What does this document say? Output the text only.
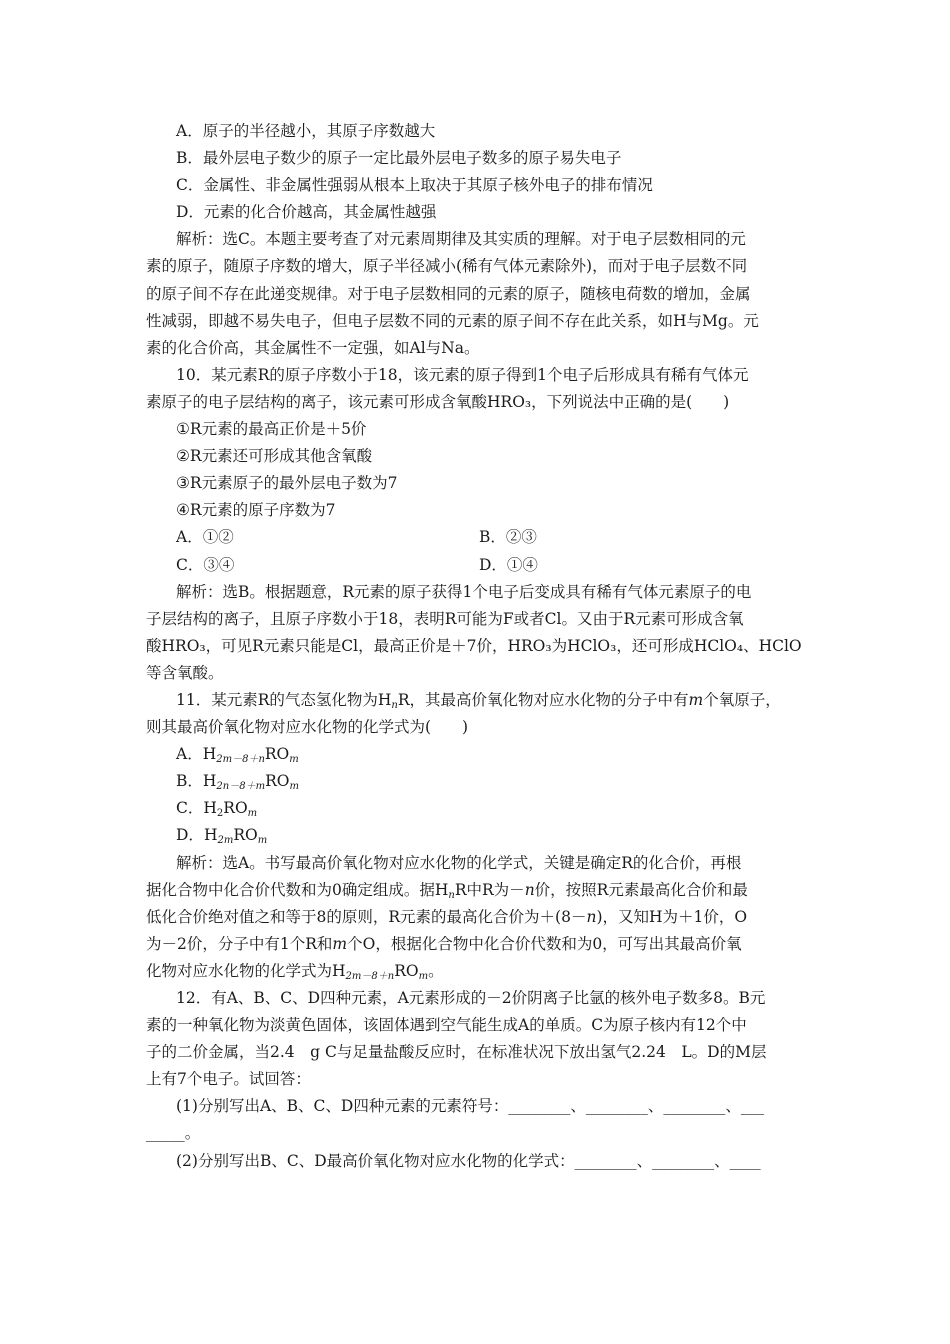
A．原子的半径越小，其原子序数越大
B．最外层电子数少的原子一定比最外层电子数多的原子易失电子
C．金属性、非金属性强弱从根本上取决于其原子核外电子的排布情况
D．元素的化合价越高，其金属性越强
解析：选C。本题主要考查了对元素周期律及其实质的理解。对于电子层数相同的元
素的原子，随原子序数的增大，原子半径减小(稀有气体元素除外)，而对于电子层数不同
的原子间不存在此递变规律。对于电子层数相同的元素的原子，随核电荷数的增加，金属
性减弱，即越不易失电子，但电子层数不同的元素的原子间不存在此关系，如H与Mg。元
素的化合价高，其金属性不一定强，如Al与Na。
10．某元素R的原子序数小于18，该元素的原子得到1个电子后形成具有稀有气体元
素原子的电子层结构的离子，该元素可形成含氧酸HRO₃，下列说法中正确的是(　　)
①R元素的最高正价是＋5价
②R元素还可形成其他含氧酸
③R元素原子的最外层电子数为7
④R元素的原子序数为7
A．①②	B．②③
C．③④	D．①④
解析：选B。根据题意，R元素的原子获得1个电子后变成具有稀有气体元素原子的电
子层结构的离子，且原子序数小于18，表明R可能为F或者Cl。又由于R元素可形成含氧
酸HRO₃，可见R元素只能是Cl，最高正价是＋7价，HRO₃为HClO₃，还可形成HClO₄、HClO
等含氧酸。
11．某元素R的气态氢化物为$H_nR$，其最高价氧化物对应水化物的分子中有m个氧原子，
则其最高价氧化物对应水化物的化学式为(　　)
A．$H_{2m-8+n}RO_m$
B．$H_{2n-8+m}RO_m$
C．$H_2RO_m$
D．$H_{2m}RO_m$
解析：选A。书写最高价氧化物对应水化物的化学式，关键是确定R的化合价，再根
据化合物中化合价代数和为0确定组成。据$H_nR$中R为－n价，按照R元素最高化合价和最
低化合价绝对值之和等于8的原则，R元素的最高化合价为＋(8－n)，又知H为＋1价，O
为－2价，分子中有1个R和m个O，根据化合物中化合价代数和为0，可写出其最高价氧
化物对应水化物的化学式为$H_{2m-8+n}RO_m$。
12．有A、B、C、D四种元素，A元素形成的－2价阴离子比氩的核外电子数多8。B元
素的一种氧化物为淡黄色固体，该固体遇到空气能生成A的单质。C为原子核内有12个中
子的二价金属，当2.4　g C与足量盐酸反应时，在标准状况下放出氢气2.24　L。D的M层
上有7个电子。试回答：
(1)分别写出A、B、C、D四种元素的元素符号：________、________、________、___
_____。
(2)分别写出B、C、D最高价氧化物对应水化物的化学式：________、________、____
